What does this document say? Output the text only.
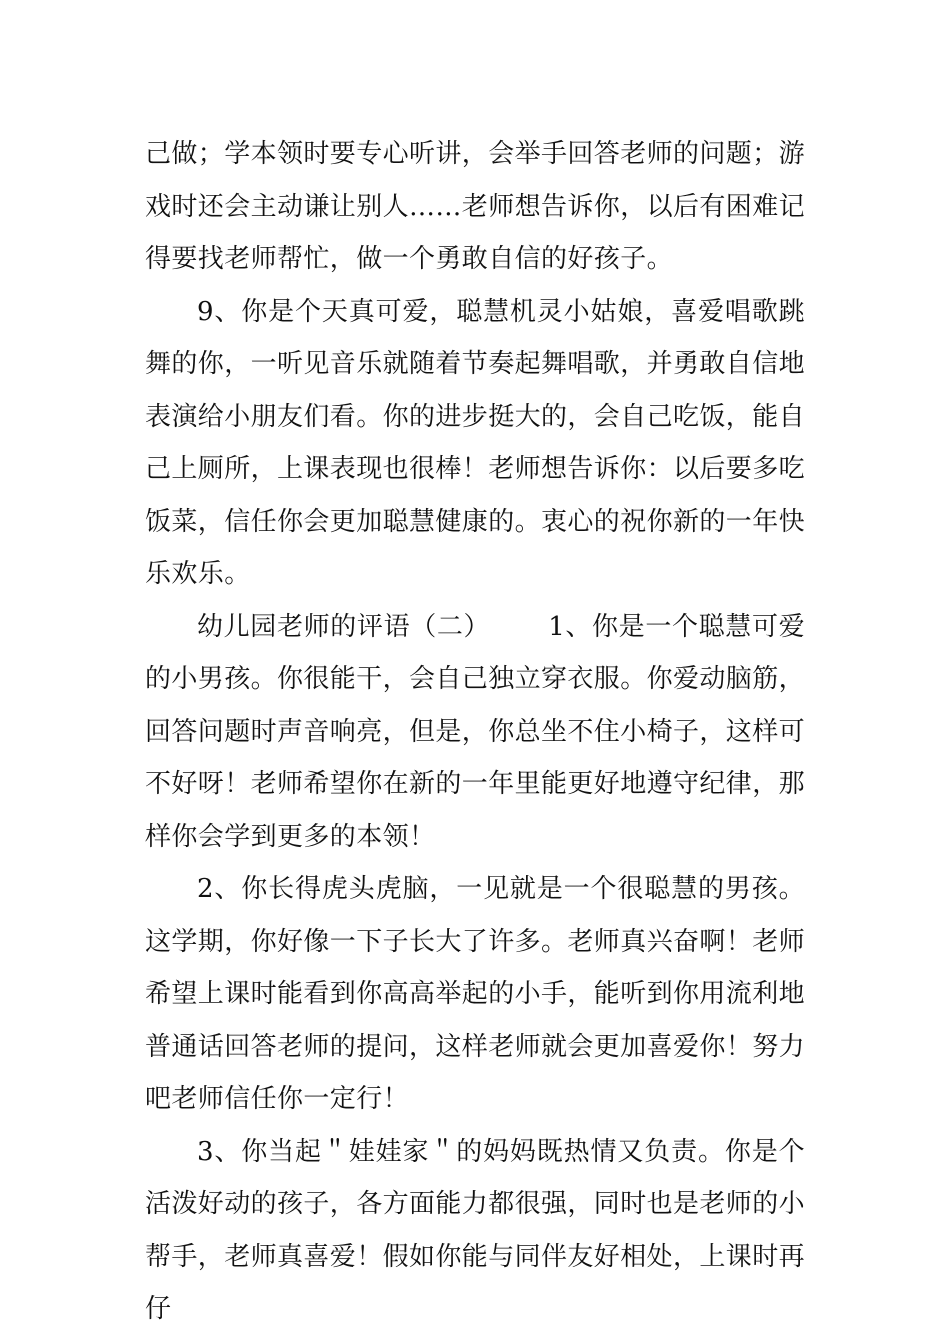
己做；学本领时要专心听讲，会举手回答老师的问题；游戏时还会主动谦让别人……老师想告诉你，以后有困难记得要找老师帮忙，做一个勇敢自信的好孩子。

9、你是个天真可爱，聪慧机灵小姑娘，喜爱唱歌跳舞的你，一听见音乐就随着节奏起舞唱歌，并勇敢自信地表演给小朋友们看。你的进步挺大的，会自己吃饭，能自己上厕所，上课表现也很棒！老师想告诉你：以后要多吃饭菜，信任你会更加聪慧健康的。衷心的祝你新的一年快乐欢乐。

幼儿园老师的评语（二） 1、你是一个聪慧可爱的小男孩。你很能干，会自己独立穿衣服。你爱动脑筋，回答问题时声音响亮，但是，你总坐不住小椅子，这样可不好呀！老师希望你在新的一年里能更好地遵守纪律，那样你会学到更多的本领！

2、你长得虎头虎脑，一见就是一个很聪慧的男孩。这学期，你好像一下子长大了许多。老师真兴奋啊！老师希望上课时能看到你高高举起的小手，能听到你用流利地普通话回答老师的提问，这样老师就会更加喜爱你！努力吧老师信任你一定行！

3、你当起＂娃娃家＂的妈妈既热情又负责。你是个活泼好动的孩子，各方面能力都很强，同时也是老师的小帮手，老师真喜爱！假如你能与同伴友好相处，上课时再仔
